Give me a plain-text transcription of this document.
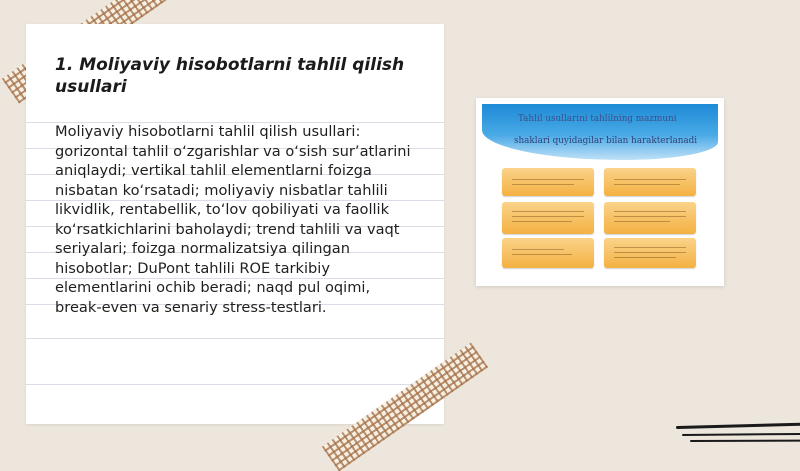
1. Moliyaviy hisobotlarni tahlil qilish usullari

Moliyaviy hisobotlarni tahlil qilish usullari: gorizontal tahlil o‘zgarishlar va o‘sish sur’atlarini aniqlaydi; vertikal tahlil elementlarni foizga nisbatan ko‘rsatadi; moliyaviy nisbatlar tahlili likvidlik, rentabellik, to‘lov qobiliyati va faollik ko‘rsatkichlarini baholaydi; trend tahlili va vaqt seriyalari; foizga normalizatsiya qilingan hisobotlar; DuPont tahlili ROE tarkibiy elementlarini ochib beradi; naqd pul oqimi, break-even va senariy stress-testlari.

Tahlil usullarini tahlilning mazmuni

shaklari quyidagilar bilan harakterlanadi
